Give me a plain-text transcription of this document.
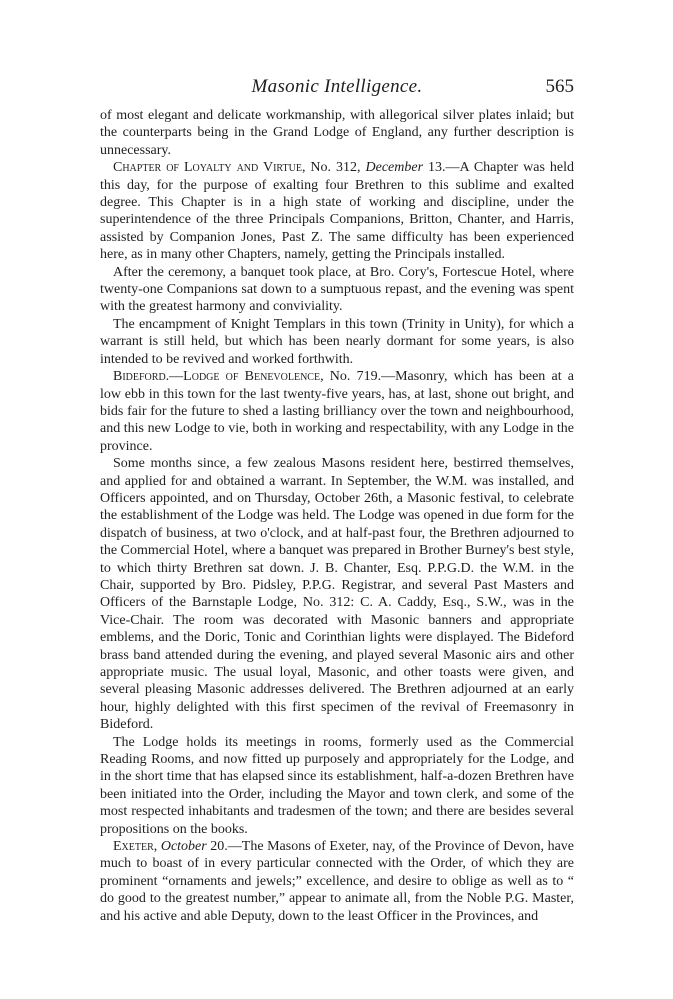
Masonic Intelligence.	565

of most elegant and delicate workmanship, with allegorical silver plates inlaid; but the counterparts being in the Grand Lodge of England, any further description is unnecessary.

Chapter of Loyalty and Virtue, No. 312, December 13.—A Chapter was held this day, for the purpose of exalting four Brethren to this sublime and exalted degree. This Chapter is in a high state of working and discipline, under the superintendence of the three Principals Companions, Britton, Chanter, and Harris, assisted by Companion Jones, Past Z. The same difficulty has been experienced here, as in many other Chapters, namely, getting the Principals installed.

After the ceremony, a banquet took place, at Bro. Cory's, Fortescue Hotel, where twenty-one Companions sat down to a sumptuous repast, and the evening was spent with the greatest harmony and conviviality.

The encampment of Knight Templars in this town (Trinity in Unity), for which a warrant is still held, but which has been nearly dormant for some years, is also intended to be revived and worked forthwith.

Bideford.—Lodge of Benevolence, No. 719.—Masonry, which has been at a low ebb in this town for the last twenty-five years, has, at last, shone out bright, and bids fair for the future to shed a lasting brilliancy over the town and neighbourhood, and this new Lodge to vie, both in working and respectability, with any Lodge in the province.

Some months since, a few zealous Masons resident here, bestirred themselves, and applied for and obtained a warrant. In September, the W.M. was installed, and Officers appointed, and on Thursday, October 26th, a Masonic festival, to celebrate the establishment of the Lodge was held. The Lodge was opened in due form for the dispatch of business, at two o'clock, and at half-past four, the Brethren adjourned to the Commercial Hotel, where a banquet was prepared in Brother Burney's best style, to which thirty Brethren sat down. J. B. Chanter, Esq. P.P.G.D. the W.M. in the Chair, supported by Bro. Pidsley, P.P.G. Registrar, and several Past Masters and Officers of the Barnstaple Lodge, No. 312: C. A. Caddy, Esq., S.W., was in the Vice-Chair. The room was decorated with Masonic banners and appropriate emblems, and the Doric, Tonic and Corinthian lights were displayed. The Bideford brass band attended during the evening, and played several Masonic airs and other appropriate music. The usual loyal, Masonic, and other toasts were given, and several pleasing Masonic addresses delivered. The Brethren adjourned at an early hour, highly delighted with this first specimen of the revival of Freemasonry in Bideford.

The Lodge holds its meetings in rooms, formerly used as the Commercial Reading Rooms, and now fitted up purposely and appropriately for the Lodge, and in the short time that has elapsed since its establishment, half-a-dozen Brethren have been initiated into the Order, including the Mayor and town clerk, and some of the most respected inhabitants and tradesmen of the town; and there are besides several propositions on the books.

Exeter, October 20.—The Masons of Exeter, nay, of the Province of Devon, have much to boast of in every particular connected with the Order, of which they are prominent “ornaments and jewels;” excellence, and desire to oblige as well as to “ do good to the greatest number,” appear to animate all, from the Noble P.G. Master, and his active and able Deputy, down to the least Officer in the Provinces, and
